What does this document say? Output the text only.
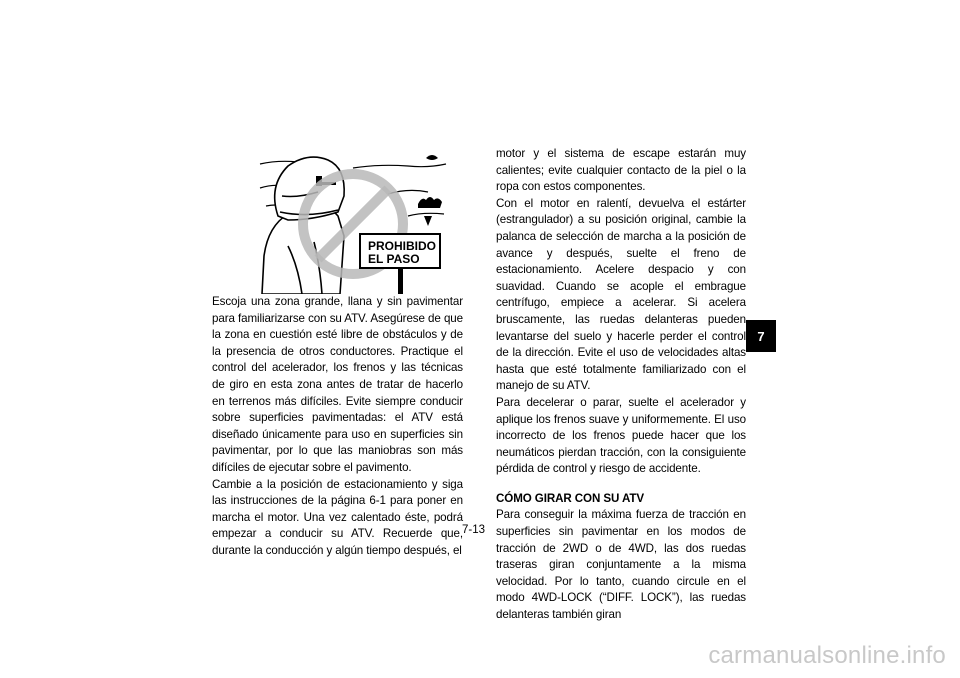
PROHIBIDO
EL PASO

Escoja una zona grande, llana y sin pavimentar para familiarizarse con su ATV. Asegúrese de que la zona en cuestión esté libre de obstáculos y de la presencia de otros conductores. Practique el control del acelerador, los frenos y las técnicas de giro en esta zona antes de tratar de hacerlo en terrenos más difíciles. Evite siempre conducir sobre superficies pavimentadas: el ATV está diseñado únicamente para uso en superficies sin pavimentar, por lo que las maniobras son más difíciles de ejecutar sobre el pavimento.

Cambie a la posición de estacionamiento y siga las instrucciones de la página 6-1 para poner en marcha el motor. Una vez calentado éste, podrá empezar a conducir su ATV. Recuerde que, durante la conducción y algún tiempo después, el

motor y el sistema de escape estarán muy calientes; evite cualquier contacto de la piel o la ropa con estos componentes.

Con el motor en ralentí, devuelva el estárter (estrangulador) a su posición original, cambie la palanca de selección de marcha a la posición de avance y después, suelte el freno de estacionamiento. Acelere despacio y con suavidad. Cuando se acople el embrague centrífugo, empiece a acelerar. Si acelera bruscamente, las ruedas delanteras pueden levantarse del suelo y hacerle perder el control de la dirección. Evite el uso de velocidades altas hasta que esté totalmente familiarizado con el manejo de su ATV.

Para decelerar o parar, suelte el acelerador y aplique los frenos suave y uniformemente. El uso incorrecto de los frenos puede hacer que los neumáticos pierdan tracción, con la consiguiente pérdida de control y riesgo de accidente.

CÓMO GIRAR CON SU ATV

Para conseguir la máxima fuerza de tracción en superficies sin pavimentar en los modos de tracción de 2WD o de 4WD, las dos ruedas traseras giran conjuntamente a la misma velocidad. Por lo tanto, cuando circule en el modo 4WD-LOCK (“DIFF. LOCK”), las ruedas delanteras también giran

7
7-13
carmanualsonline.info
